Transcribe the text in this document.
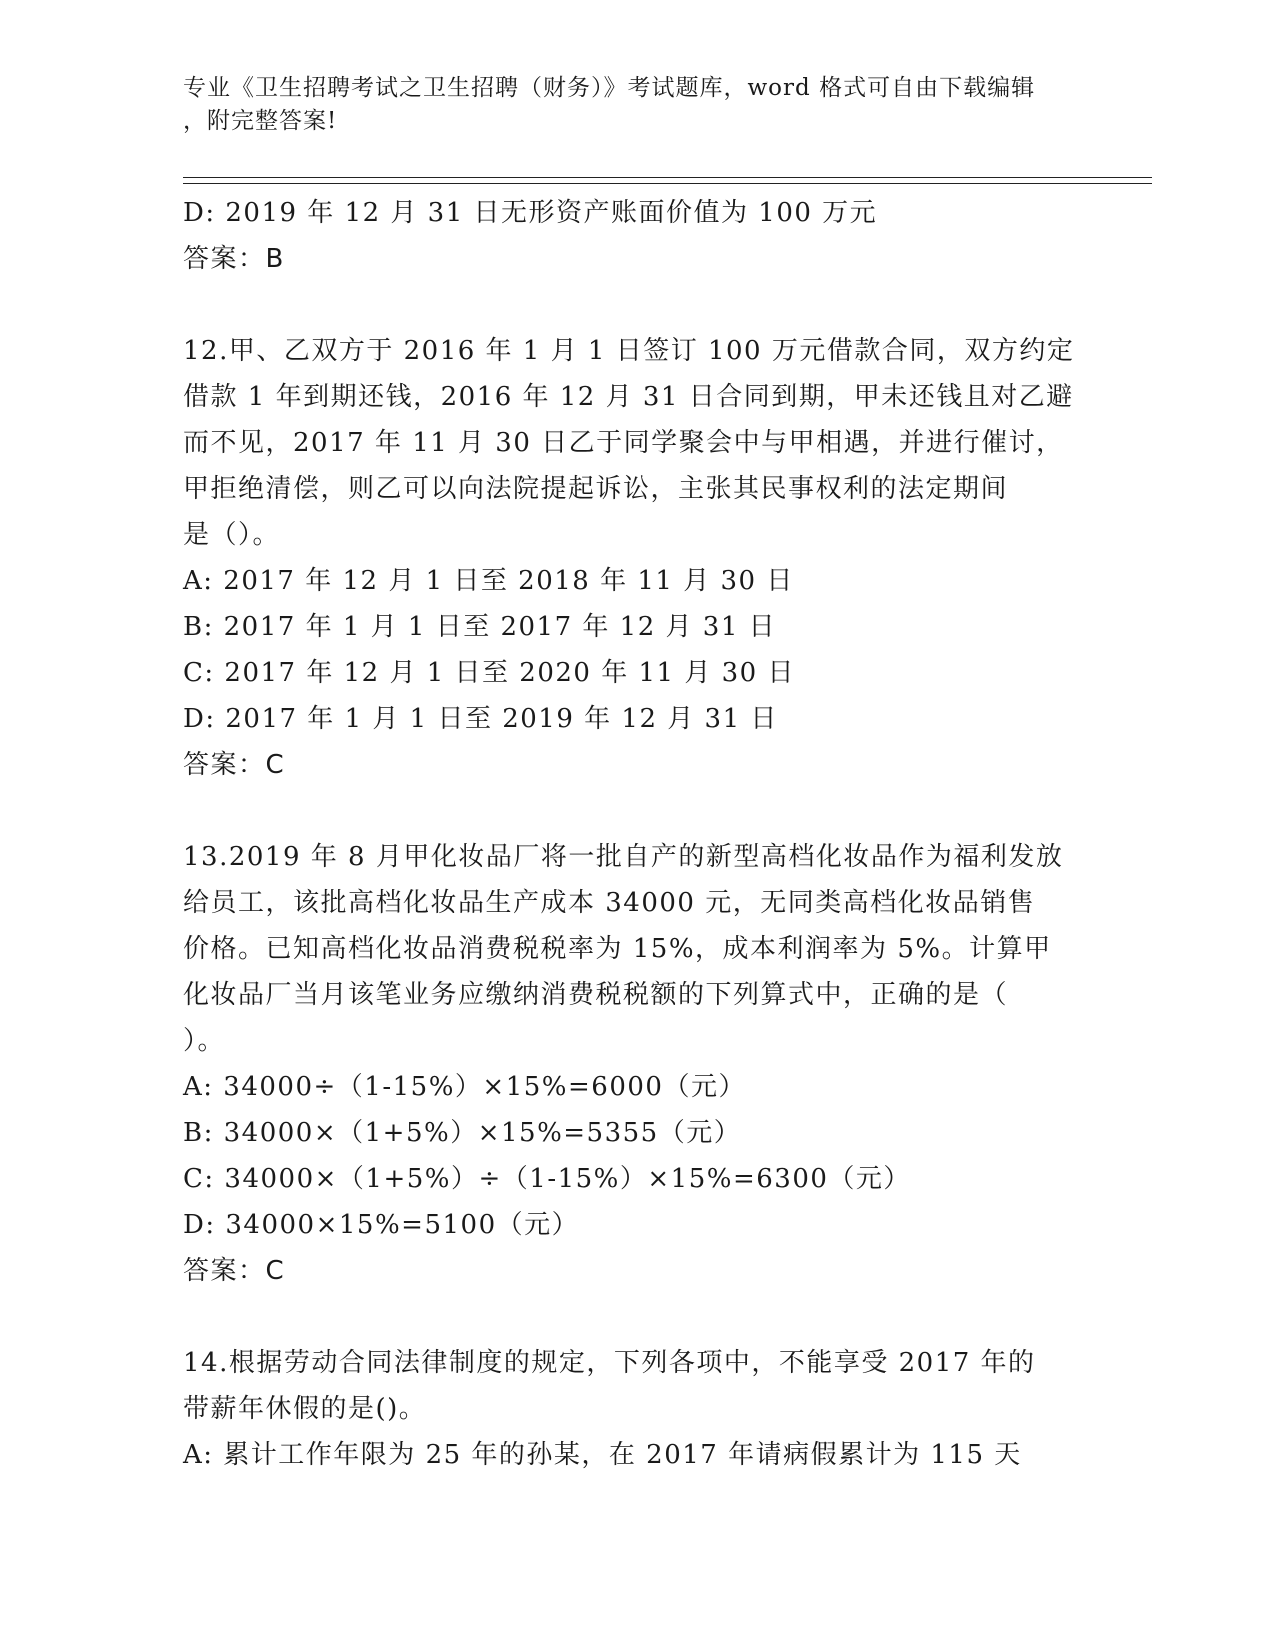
专业《卫生招聘考试之卫生招聘（财务）》考试题库，word 格式可自由下载编辑
，附完整答案!
D: 2019 年 12 月 31 日无形资产账面价值为 100 万元
答案：B
12.甲、乙双方于 2016 年 1 月 1 日签订 100 万元借款合同，双方约定
借款 1 年到期还钱，2016 年 12 月 31 日合同到期，甲未还钱且对乙避
而不见，2017 年 11 月 30 日乙于同学聚会中与甲相遇，并进行催讨，
甲拒绝清偿，则乙可以向法院提起诉讼，主张其民事权利的法定期间
是（）。
A: 2017 年 12 月 1 日至 2018 年 11 月 30 日
B: 2017 年 1 月 1 日至 2017 年 12 月 31 日
C: 2017 年 12 月 1 日至 2020 年 11 月 30 日
D: 2017 年 1 月 1 日至 2019 年 12 月 31 日
答案：C
13.2019 年 8 月甲化妆品厂将一批自产的新型高档化妆品作为福利发放
给员工，该批高档化妆品生产成本 34000 元，无同类高档化妆品销售
价格。已知高档化妆品消费税税率为 15%，成本利润率为 5%。计算甲
化妆品厂当月该笔业务应缴纳消费税税额的下列算式中，正确的是（
）。
A: 34000÷（1-15%）×15%=6000（元）
B: 34000×（1+5%）×15%=5355（元）
C: 34000×（1+5%）÷（1-15%）×15%=6300（元）
D: 34000×15%=5100（元）
答案：C
14.根据劳动合同法律制度的规定，下列各项中，不能享受 2017 年的
带薪年休假的是()。
A: 累计工作年限为 25 年的孙某，在 2017 年请病假累计为 115 天
